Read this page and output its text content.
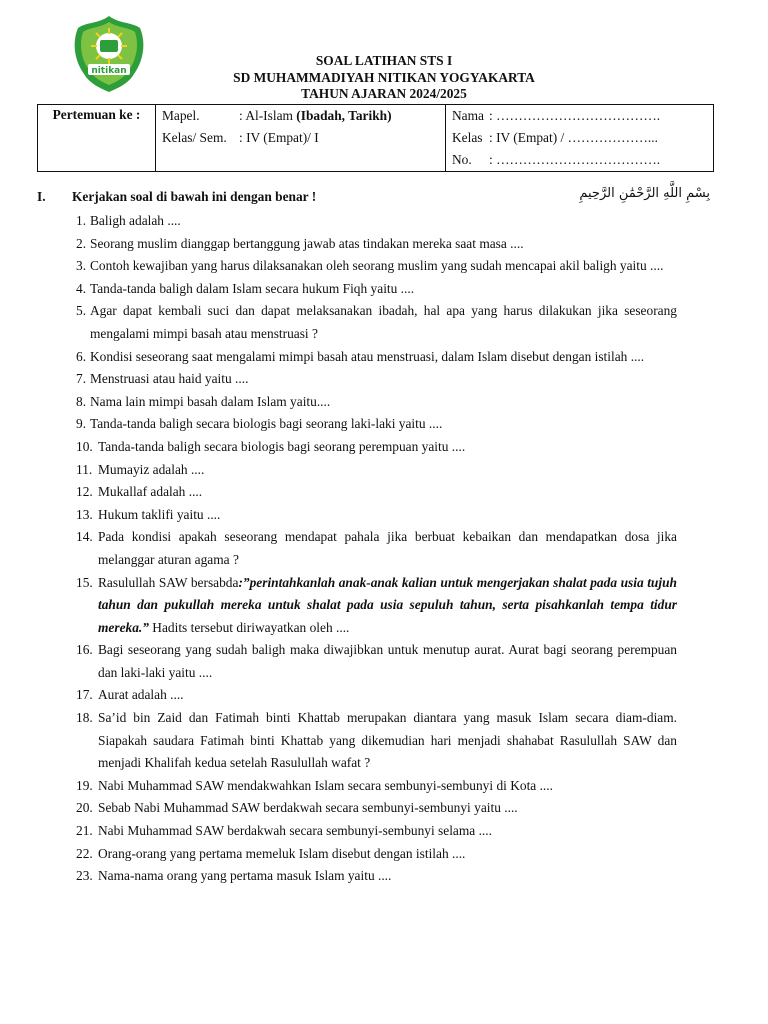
nitikan
SOAL LATIHAN STS I
SD MUHAMMADIYAH NITIKAN YOGYAKARTA
TAHUN AJARAN 2024/2025
Pertemuan ke :	Mapel.	: Al-Islam (Ibadah, Tarikh)
Kelas/ Sem. : IV (Empat)/ I

Nama : ……………………………….
Kelas : IV (Empat) / ………………...
No. : ……………………………….
I. Kerjakan soal di bawah ini dengan benar !	بِسْمِ اللَّهِ الرَّحْمَٰنِ الرَّحِيمِ
1. Baligh adalah ....
2. Seorang muslim dianggap bertanggung jawab atas tindakan mereka saat masa ....
3. Contoh kewajiban yang harus dilaksanakan oleh seorang muslim yang sudah mencapai akil baligh yaitu ....
4. Tanda-tanda baligh dalam Islam secara hukum Fiqh yaitu ....
5. Agar dapat kembali suci dan dapat melaksanakan ibadah, hal apa yang harus dilakukan jika seseorang mengalami mimpi basah atau menstruasi ?
6. Kondisi seseorang saat mengalami mimpi basah atau menstruasi, dalam Islam disebut dengan istilah ....
7. Menstruasi atau haid yaitu ....
8. Nama lain mimpi basah dalam Islam yaitu....
9. Tanda-tanda baligh secara biologis bagi seorang laki-laki yaitu ....
10. Tanda-tanda baligh secara biologis bagi seorang perempuan yaitu ....
11. Mumayiz adalah ....
12. Mukallaf adalah ....
13. Hukum taklifi yaitu ....
14. Pada kondisi apakah seseorang mendapat pahala jika berbuat kebaikan dan mendapatkan dosa jika melanggar aturan agama ?
15. Rasulullah SAW bersabda:”perintahkanlah anak-anak kalian untuk mengerjakan shalat pada usia tujuh tahun dan pukullah mereka untuk shalat pada usia sepuluh tahun, serta pisahkanlah tempa tidur mereka.” Hadits tersebut diriwayatkan oleh ....
16. Bagi seseorang yang sudah baligh maka diwajibkan untuk menutup aurat. Aurat bagi seorang perempuan dan laki-laki yaitu ....
17. Aurat adalah ....
18. Sa’id bin Zaid dan Fatimah binti Khattab merupakan diantara yang masuk Islam secara diam-diam. Siapakah saudara Fatimah binti Khattab yang dikemudian hari menjadi shahabat Rasulullah SAW dan menjadi Khalifah kedua setelah Rasulullah wafat ?
19. Nabi Muhammad SAW mendakwahkan Islam secara sembunyi-sembunyi di Kota ....
20. Sebab Nabi Muhammad SAW berdakwah secara sembunyi-sembunyi yaitu ....
21. Nabi Muhammad SAW berdakwah secara sembunyi-sembunyi selama ....
22. Orang-orang yang pertama memeluk Islam disebut dengan istilah ....
23. Nama-nama orang yang pertama masuk Islam yaitu ....
